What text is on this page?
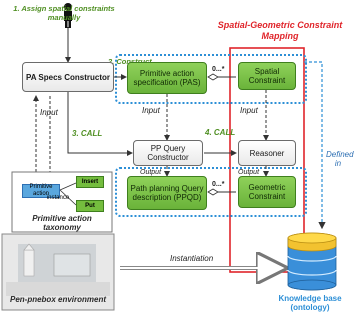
1. Assign spatial constraints manually
3. CALL	4. CALL
Spatial-Geometric Constraint Mapping
PA Specs Constructor	Primitive action specification (PAS)
Spatial Constraint
PP Query Constructor	Reasoner
Path planning Query description (PPQD)
Geometric Constraint
Input	Input	Input
Output	Output
Defined in
Instantiation
0...*
0...*
Primitive action
Insert
Put
instance
Primitive action taxonomy
Pen-pnebox environment	Knowledge base (ontology)
